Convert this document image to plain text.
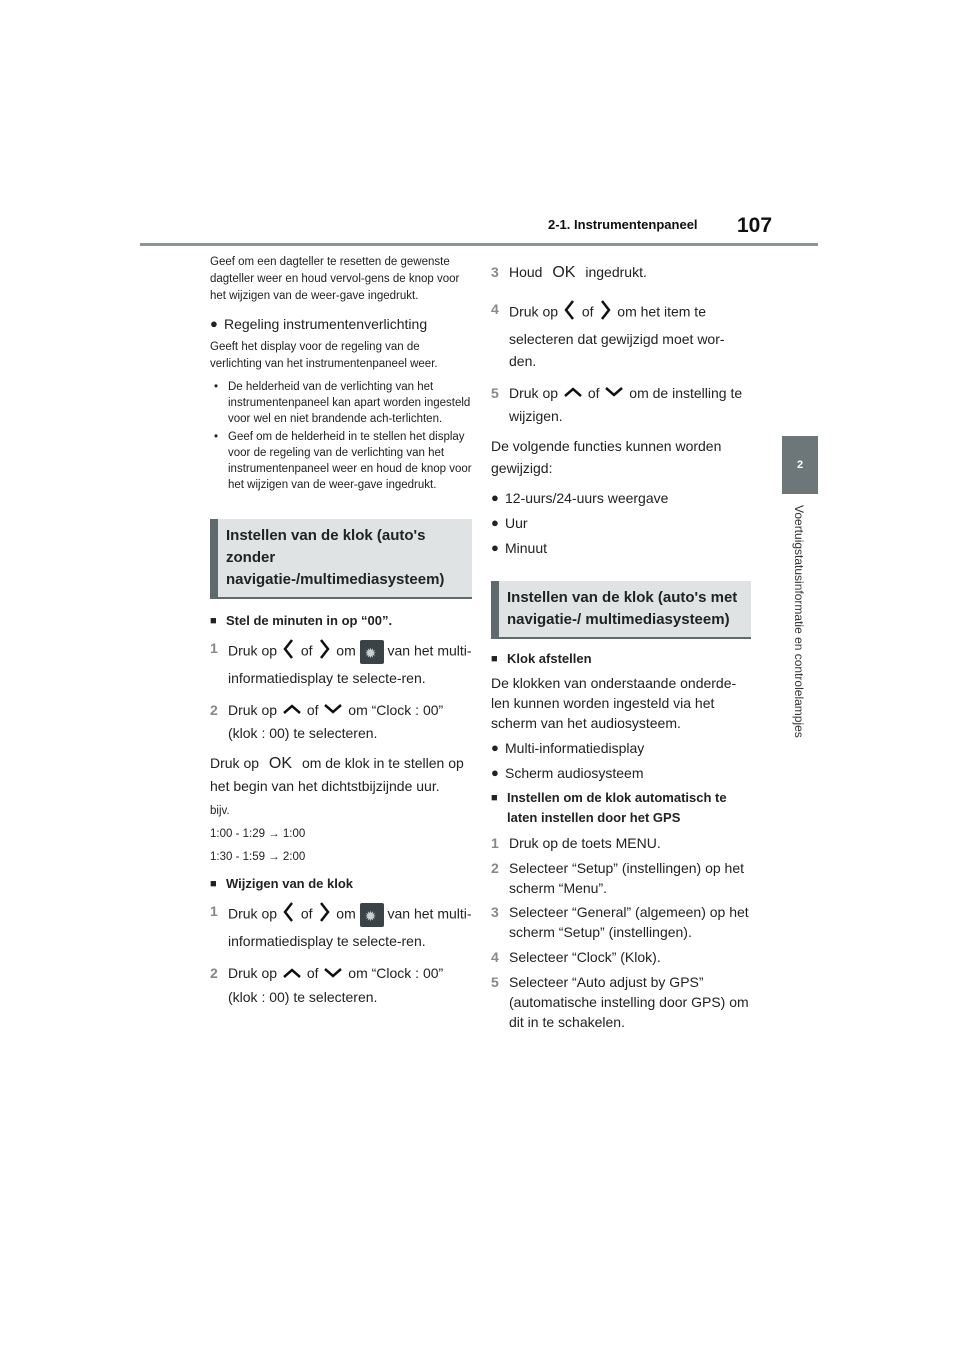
2-1. Instrumentenpaneel 107
2
Voertuigstatusinformatie en controlelampjes

Geef om een dagteller te resetten de gewenste dagteller weer en houd vervol-gens de knop voor het wijzigen van de weer-gave ingedrukt.

● Regeling instrumentenverlichting

Geeft het display voor de regeling van de verlichting van het instrumentenpaneel weer.

• De helderheid van de verlichting van het instrumentenpaneel kan apart worden ingesteld voor wel en niet brandende ach-terlichten.
• Geef om de helderheid in te stellen het display voor de regeling van de verlichting van het instrumentenpaneel weer en houd de knop voor het wijzigen van de weer-gave ingedrukt.
Instellen van de klok (auto's zonder navigatie-/multimediasysteem)
■ Stel de minuten in op “00”.
1 Druk op of om ✹ van het multi-informatiedisplay te selecte-ren.
2 Druk op of om “Clock : 00” (klok : 00) te selecteren.

Druk op OK om de klok in te stellen op het begin van het dichtstbijzijnde uur.

bijv.

1:00 - 1:29 → 1:00

1:30 - 1:59 → 2:00

■ Wijzigen van de klok
1 Druk op of om ✹ van het multi-informatiedisplay te selecte-ren.
2 Druk op of om “Clock : 00” (klok : 00) te selecteren.
3 Houd OK ingedrukt.
4 Druk op of om het item te selecteren dat gewijzigd moet wor-den.
5 Druk op of om de instelling te wijzigen.

De volgende functies kunnen worden gewijzigd:

● 12-uurs/24-uurs weergave
● Uur
● Minuut
Instellen van de klok (auto's met navigatie-/ multimediasysteem)
■ Klok afstellen

De klokken van onderstaande onderde-len kunnen worden ingesteld via het scherm van het audiosysteem.

● Multi-informatiedisplay
● Scherm audiosysteem
■ Instellen om de klok automatisch te laten instellen door het GPS
1 Druk op de toets MENU.
2 Selecteer “Setup” (instellingen) op het scherm “Menu”.
3 Selecteer “General” (algemeen) op het scherm “Setup” (instellingen).
4 Selecteer “Clock” (Klok).
5 Selecteer “Auto adjust by GPS” (automatische instelling door GPS) om dit in te schakelen.
